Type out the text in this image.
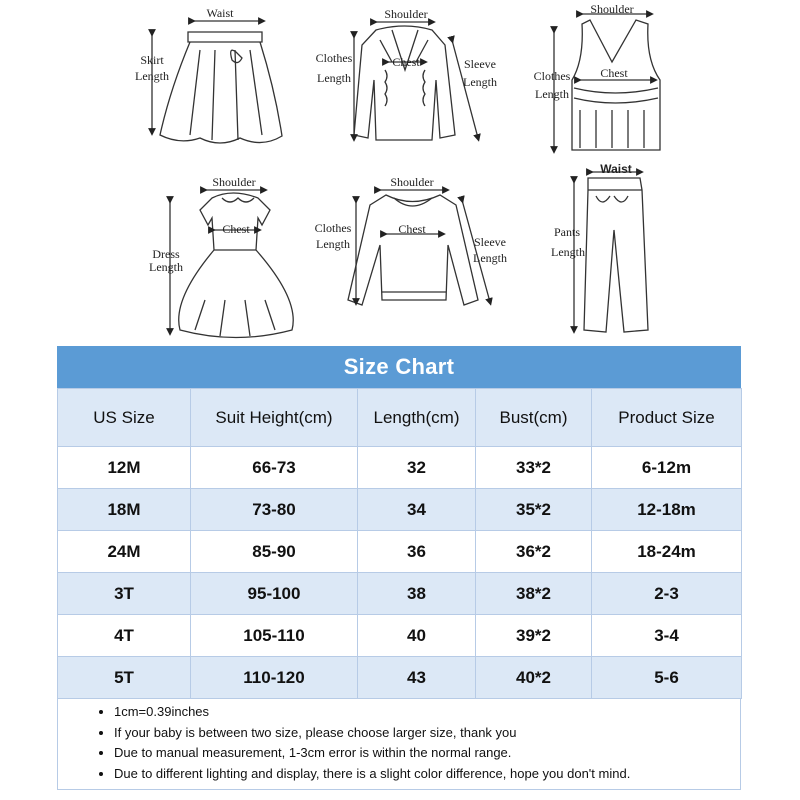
Waist
Skirt
Length
Shoulder
Chest
Clothes
Length
Sleeve
Length
Shoulder
Chest
Clothes
Length
Shoulder
Chest
Dress
Length
Shoulder
Chest
Clothes
Length	Sleeve
Length
Waist
Pants
Length
Size Chart
US Size	Suit Height(cm)	Length(cm)	Bust(cm)	Product Size
12M	66-73	32	33*2	6-12m
18M	73-80	34	35*2	12-18m
24M	85-90	36	36*2	18-24m
3T	95-100	38	38*2	2-3
4T	105-110	40	39*2	3-4
5T	110-120	43	40*2	5-6
• 1cm=0.39inches
• If your baby is between two size, please choose larger size, thank you
• Due to manual measurement, 1-3cm error is within the normal range.
• Due to different lighting and display, there is a slight color difference, hope you don't mind.
